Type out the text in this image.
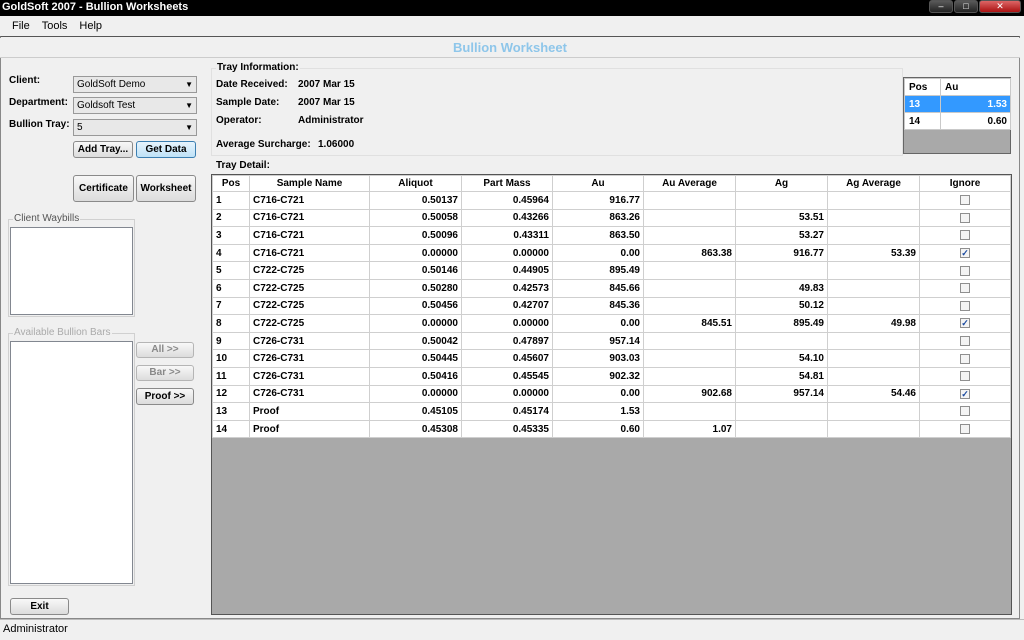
GoldSoft 2007 - Bullion Worksheets	–	□	✕
File	Tools	Help
Bullion Worksheet
Client:	GoldSoft Demo	▼
Department: Goldsoft Test	▼
Bullion Tray: 5	▼
Add Tray...	Get Data
Certificate	Worksheet
Client Waybills
Available Bullion Bars
All >>
Bar >>
Proof >>
Exit
Tray Information:
Date Received: 2007 Mar 15
Sample Date: 2007 Mar 15
Operator:	Administrator
Average Surcharge: 1.06000
Pos	Au
13	1.53
14	0.60
Tray Detail:
Pos	Sample Name	Aliquot	Part Mass	Au	Au Average	Ag	Ag Average	Ignore
1	C716-C721	0.50137	0.45964	916.77				
2	C716-C721	0.50058	0.43266	863.26		53.51		
3	C716-C721	0.50096	0.43311	863.50		53.27		
4	C716-C721	0.00000	0.00000	0.00	863.38	916.77	53.39	✓
5	C722-C725	0.50146	0.44905	895.49				
6	C722-C725	0.50280	0.42573	845.66		49.83		
7	C722-C725	0.50456	0.42707	845.36		50.12		
8	C722-C725	0.00000	0.00000	0.00	845.51	895.49	49.98	✓
9	C726-C731	0.50042	0.47897	957.14				
10	C726-C731	0.50445	0.45607	903.03		54.10		
11	C726-C731	0.50416	0.45545	902.32		54.81		
12	C726-C731	0.00000	0.00000	0.00	902.68	957.14	54.46	✓
13	Proof	0.45105	0.45174	1.53				
14	Proof	0.45308	0.45335	0.60	1.07			
Administrator
